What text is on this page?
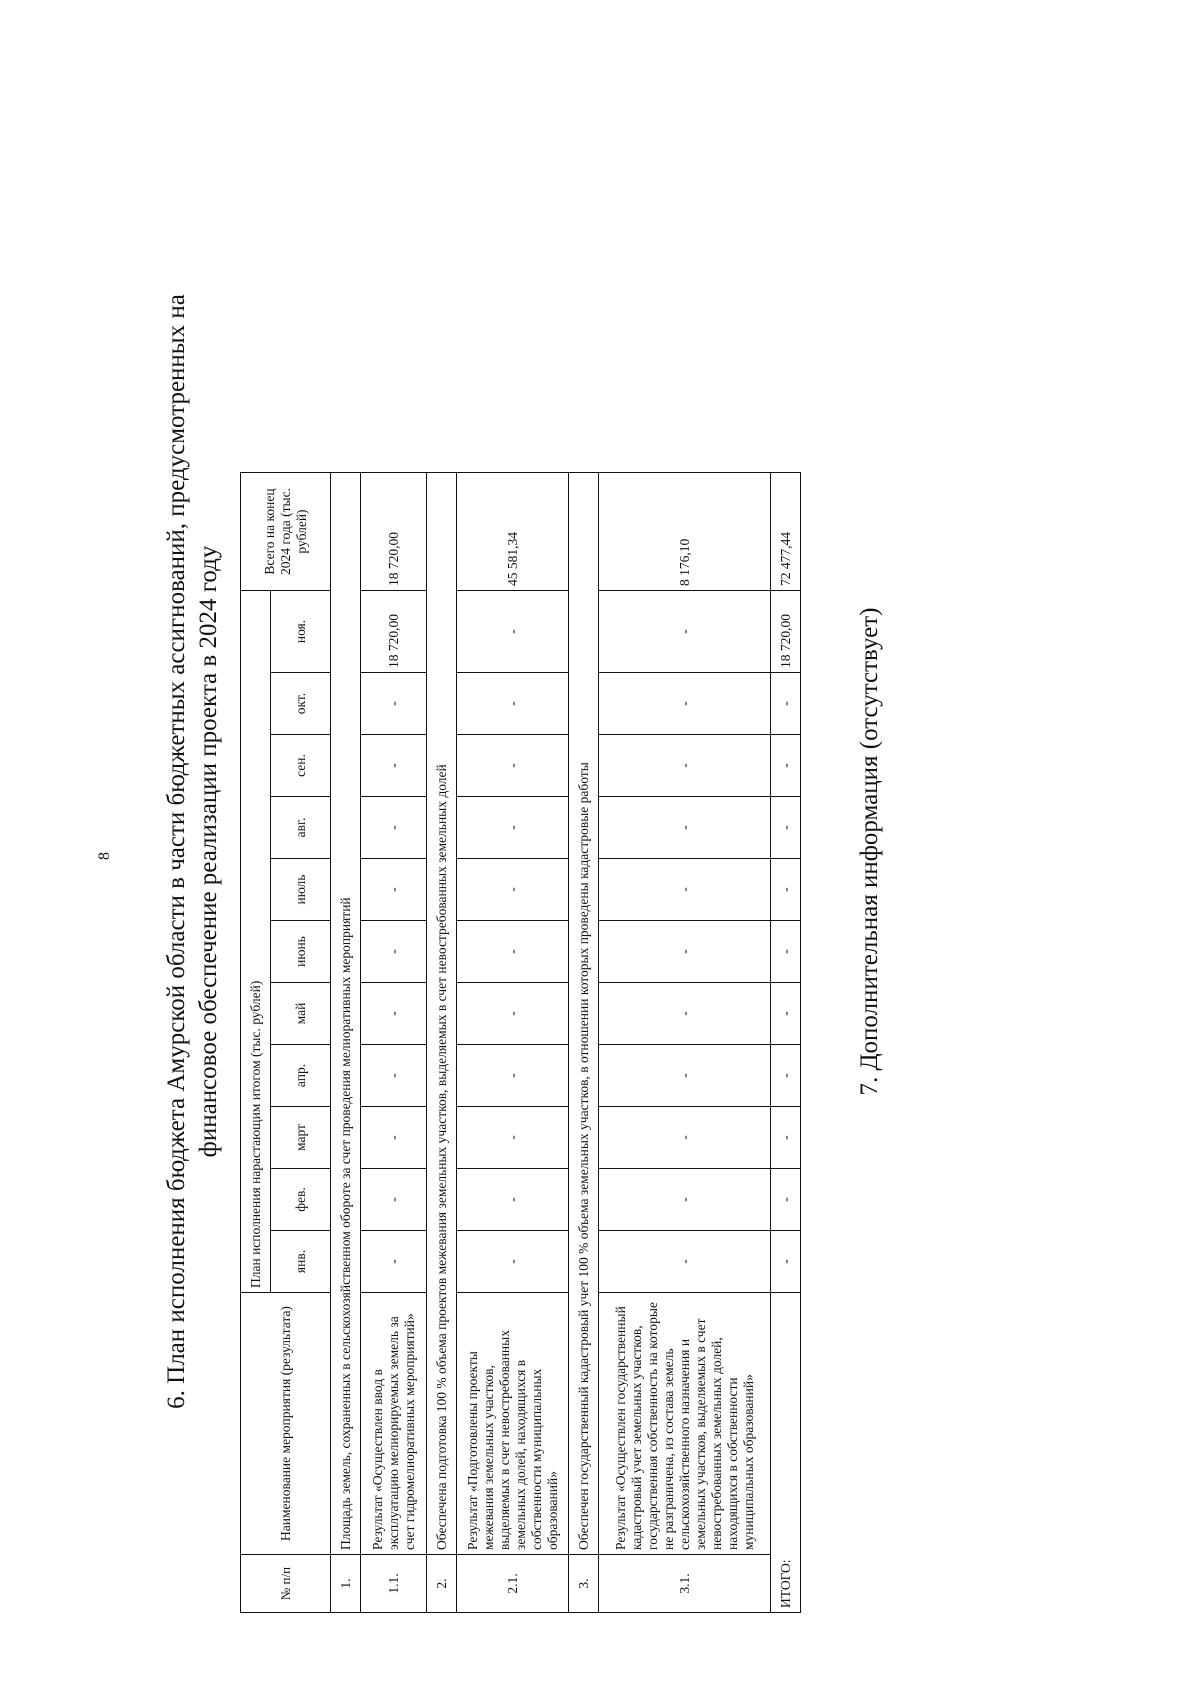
8 6. План исполнения бюджета Амурской области в части бюджетных ассигнований, предусмотренных на финансовое обеспечение реализации проекта в 2024 году
№ п/п	Наименование мероприятия (результата)	План исполнения нарастающим итогом (тыс. рублей)											Всего на конец 2024 года (тыс. рублей)
		янв.	фев.	март	апр.	май	июнь	июль	авг.	сен.	окт.	ноя.	
1.	Площадь земель, сохраненных в сельскохозяйственном обороте за счет проведения мелиоративных мероприятий												
1.1.	Результат «Осуществлен ввод в эксплуатацию мелиорируемых земель за счет гидромелиоративных мероприятий»	-	-	-	-	-	-	-	-	-	-	18 720,00	18 720,00
2.	Обеспечена подготовка 100 % объема проектов межевания земельных участков, выделяемых в счет невостребованных земельных долей												
2.1.	Результат «Подготовлены проекты межевания земельных участков, выделяемых в счет невостребованных земельных долей, находящихся в собственности муниципальных образований»	-	-	-	-	-	-	-	-	-	-	-	45 581,34
3.	Обеспечен государственный кадастровый учет 100 % объема земельных участков, в отношении которых проведены кадастровые работы												
3.1.	Результат «Осуществлен государственный кадастровый учет земельных участков, государственная собственность на которые не разграничена, из состава земель сельскохозяйственного назначения и земельных участков, выделяемых в счет невостребованных земельных долей, находящихся в собственности муниципальных образований»	-	-	-	-	-	-	-	-	-	-	-	8 176,10
ИТОГО:		-	-	-	-	-	-	-	-	-	-	18 720,00	72 477,44
7. Дополнительная информация (отсутствует)
